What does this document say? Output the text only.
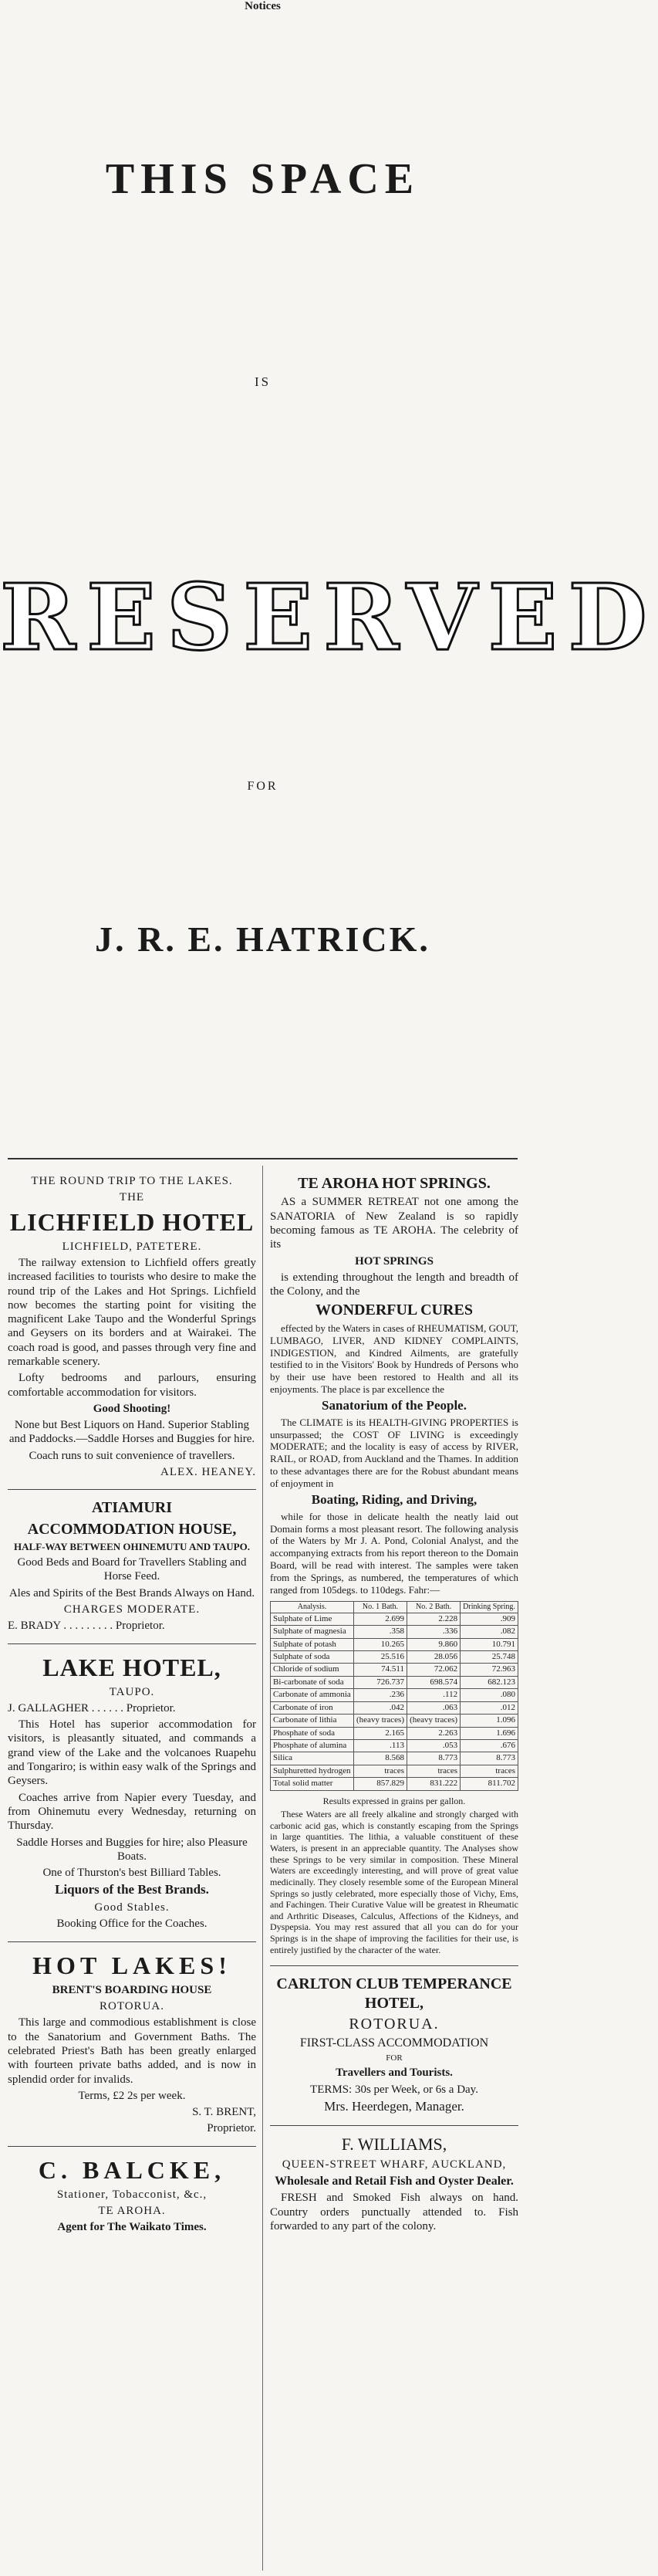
Notices
THIS SPACE
IS
RESERVED
FOR
J. R. E. HATRICK.

THE ROUND TRIP TO THE LAKES.

THE

LICHFIELD HOTEL

LICHFIELD, PATETERE.

The railway extension to Lichfield offers greatly increased facilities to tourists who desire to make the round trip of the Lakes and Hot Springs. Lichfield now becomes the starting point for visiting the magnificent Lake Taupo and the Wonderful Springs and Geysers on its borders and at Wairakei. The coach road is good, and passes through very fine and remarkable scenery.

Lofty bedrooms and parlours, ensuring comfortable accommodation for visitors.

Good Shooting!

None but Best Liquors on Hand. Superior Stabling and Paddocks.—Saddle Horses and Buggies for hire.

Coach runs to suit convenience of travellers.

ALEX. HEANEY.

ATIAMURI

ACCOMMODATION HOUSE,

HALF-WAY BETWEEN OHINEMUTU AND TAUPO.

Good Beds and Board for Travellers Stabling and Horse Feed.

Ales and Spirits of the Best Brands Always on Hand.

CHARGES MODERATE.

E. BRADY . . . . . . . . . Proprietor.

LAKE HOTEL,

TAUPO.

J. GALLAGHER . . . . . . Proprietor.

This Hotel has superior accommodation for visitors, is pleasantly situated, and commands a grand view of the Lake and the volcanoes Ruapehu and Tongariro; is within easy walk of the Springs and Geysers.

Coaches arrive from Napier every Tuesday, and from Ohinemutu every Wednesday, returning on Thursday.

Saddle Horses and Buggies for hire; also Pleasure Boats.

One of Thurston's best Billiard Tables.

Liquors of the Best Brands.

Good Stables.

Booking Office for the Coaches.

HOT LAKES!

BRENT'S BOARDING HOUSE

ROTORUA.

This large and commodious establishment is close to the Sanatorium and Government Baths. The celebrated Priest's Bath has been greatly enlarged with fourteen private baths added, and is now in splendid order for invalids.

Terms, £2 2s per week.

S. T. BRENT,

Proprietor.

C. BALCKE,

Stationer, Tobacconist, &c.,

TE AROHA.

Agent for The Waikato Times.

TE AROHA HOT SPRINGS.

AS a SUMMER RETREAT not one among the SANATORIA of New Zealand is so rapidly becoming famous as TE AROHA. The celebrity of its

HOT SPRINGS

is extending throughout the length and breadth of the Colony, and the

WONDERFUL CURES

effected by the Waters in cases of RHEUMATISM, GOUT, LUMBAGO, LIVER, AND KIDNEY COMPLAINTS, INDIGESTION, and Kindred Ailments, are gratefully testified to in the Visitors' Book by Hundreds of Persons who by their use have been restored to Health and all its enjoyments. The place is par excellence the

Sanatorium of the People.

The CLIMATE is its HEALTH-GIVING PROPERTIES is unsurpassed; the COST OF LIVING is exceedingly MODERATE; and the locality is easy of access by RIVER, RAIL, or ROAD, from Auckland and the Thames. In addition to these advantages there are for the Robust abundant means of enjoyment in

Boating, Riding, and Driving,

while for those in delicate health the neatly laid out Domain forms a most pleasant resort. The following analysis of the Waters by Mr J. A. Pond, Colonial Analyst, and the accompanying extracts from his report thereon to the Domain Board, will be read with interest. The samples were taken from the Springs, as numbered, the temperatures of which ranged from 105degs. to 110degs. Fahr:—

Analysis.	No. 1 Bath.	No. 2 Bath.	Drinking Spring.
Sulphate of Lime	2.699	2.228	.909
Sulphate of magnesia	.358	.336	.082
Sulphate of potash	10.265	9.860	10.791
Sulphate of soda	25.516	28.056	25.748
Chloride of sodium	74.511	72.062	72.963
Bi-carbonate of soda	726.737	698.574	682.123
Carbonate of ammonia	.236	.112	.080
Carbonate of iron	.042	.063	.012
Carbonate of lithia	(heavy traces)	(heavy traces)	1.096
Phosphate of soda	2.165	2.263	1.696
Phosphate of alumina	.113	.053	.676
Silica	8.568	8.773	8.773
Sulphuretted hydrogen	traces	traces	traces
Total solid matter	857.829	831.222	811.702

Results expressed in grains per gallon.

These Waters are all freely alkaline and strongly charged with carbonic acid gas, which is constantly escaping from the Springs in large quantities. The lithia, a valuable constituent of these Waters, is present in an appreciable quantity. The Analyses show these Springs to be very similar in composition. These Mineral Waters are exceedingly interesting, and will prove of great value medicinally. They closely resemble some of the European Mineral Springs so justly celebrated, more especially those of Vichy, Ems, and Fachingen. Their Curative Value will be greatest in Rheumatic and Arthritic Diseases, Calculus, Affections of the Kidneys, and Dyspepsia. You may rest assured that all you can do for your Springs is in the shape of improving the facilities for their use, is entirely justified by the character of the water.

CARLTON CLUB TEMPERANCE HOTEL,

ROTORUA.

FIRST-CLASS ACCOMMODATION

FOR

Travellers and Tourists.

TERMS: 30s per Week, or 6s a Day.

Mrs. Heerdegen, Manager.

F. WILLIAMS,

QUEEN-STREET WHARF, AUCKLAND,

Wholesale and Retail Fish and Oyster Dealer.

FRESH and Smoked Fish always on hand. Country orders punctually attended to. Fish forwarded to any part of the colony.
